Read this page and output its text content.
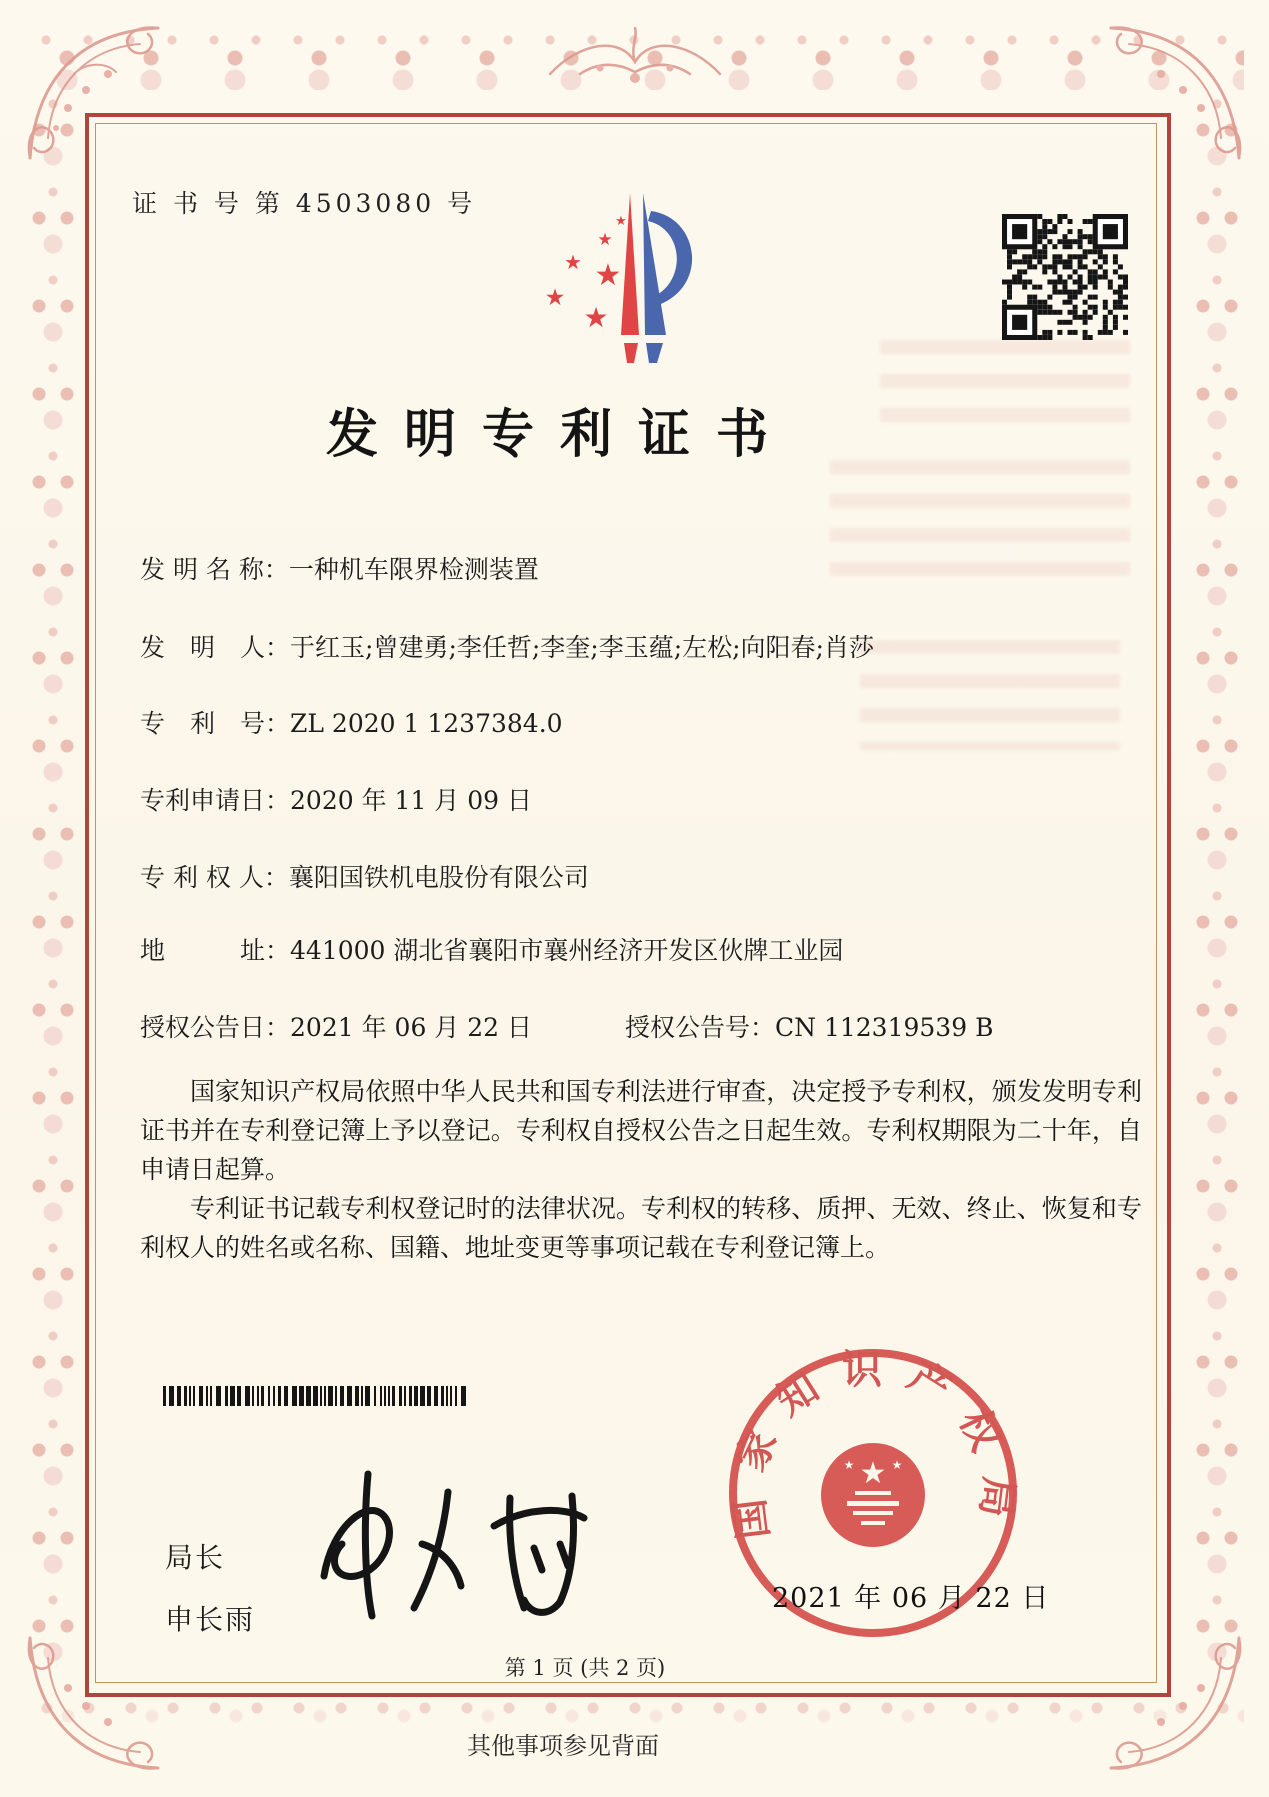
证 书 号 第 4503080 号
★
★
★ ★
★
★
发明专利证书
发 明 名 称：一种机车限界检测装置
发　明　人：于红玉;曾建勇;李任哲;李奎;李玉蕴;左松;向阳春;肖莎
专　利　号：ZL 2020 1 1237384.0
专利申请日：2020 年 11 月 09 日
专 利 权 人：襄阳国铁机电股份有限公司
地　　　址：441000 湖北省襄阳市襄州经济开发区伙牌工业园
授权公告日：2021 年 06 月 22 日	授权公告号：CN 112319539 B

国家知识产权局依照中华人民共和国专利法进行审查，决定授予专利权，颁发发明专利证书并在专利登记簿上予以登记。专利权自授权公告之日起生效。专利权期限为二十年，自申请日起算。

专利证书记载专利权登记时的法律状况。专利权的转移、质押、无效、终止、恢复和专利权人的姓名或名称、国籍、地址变更等事项记载在专利登记簿上。

局长
申长雨
★
★	★
国家知识产权局
2021 年 06 月 22 日
第 1 页 (共 2 页)
其他事项参见背面
